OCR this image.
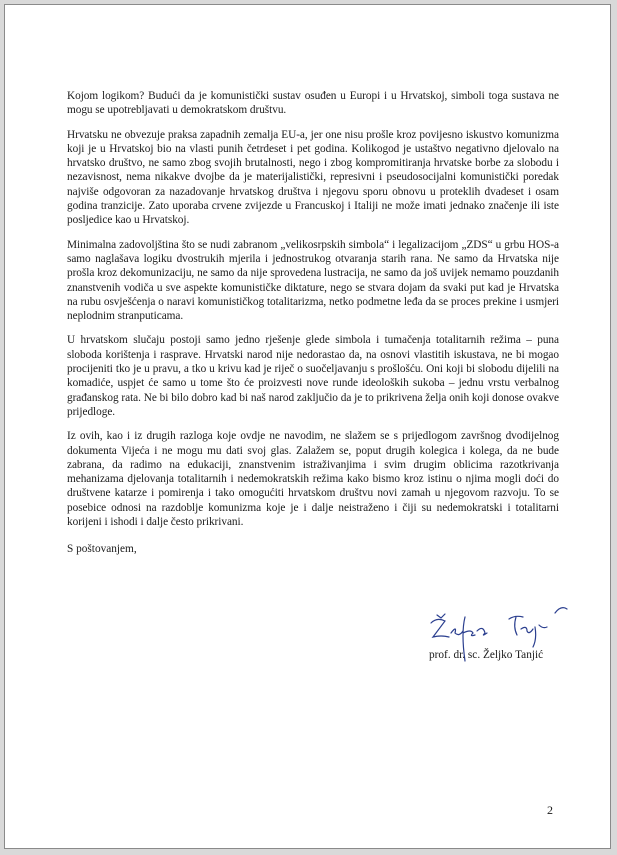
Kojom logikom? Budući da je komunistički sustav osuđen u Europi i u Hrvatskoj, simboli toga sustava ne mogu se upotrebljavati u demokratskom društvu.

Hrvatsku ne obvezuje praksa zapadnih zemalja EU-a, jer one nisu prošle kroz povijesno iskustvo komunizma koji je u Hrvatskoj bio na vlasti punih četrdeset i pet godina. Kolikogod je ustaštvo negativno djelovalo na hrvatsko društvo, ne samo zbog svojih brutalnosti, nego i zbog kompromitiranja hrvatske borbe za slobodu i nezavisnost, nema nikakve dvojbe da je materijalistički, represivni i pseudosocijalni komunistički poredak najviše odgovoran za nazadovanje hrvatskog društva i njegovu sporu obnovu u proteklih dvadeset i osam godina tranzicije. Zato uporaba crvene zvijezde u Francuskoj i Italiji ne može imati jednako značenje ili iste posljedice kao u Hrvatskoj.

Minimalna zadovoljština što se nudi zabranom „velikosrpskih simbola“ i legalizacijom „ZDS“ u grbu HOS-a samo naglašava logiku dvostrukih mjerila i jednostrukog otvaranja starih rana. Ne samo da Hrvatska nije prošla kroz dekomunizaciju, ne samo da nije sprovedena lustracija, ne samo da još uvijek nemamo pouzdanih znanstvenih vodiča u sve aspekte komunističke diktature, nego se stvara dojam da svaki put kad je Hrvatska na rubu osvješćenja o naravi komunističkog totalitarizma, netko podmetne leđa da se proces prekine i usmjeri neplodnim stranputicama.

U hrvatskom slučaju postoji samo jedno rješenje glede simbola i tumačenja totalitarnih režima – puna sloboda korištenja i rasprave. Hrvatski narod nije nedorastao da, na osnovi vlastitih iskustava, ne bi mogao procijeniti tko je u pravu, a tko u krivu kad je riječ o suočeljavanju s prošlošću. Oni koji bi slobodu dijelili na komadiće, uspjet će samo u tome što će proizvesti nove runde ideoloških sukoba – jednu vrstu verbalnog građanskog rata. Ne bi bilo dobro kad bi naš narod zaključio da je to prikrivena želja onih koji donose ovakve prijedloge.

Iz ovih, kao i iz drugih razloga koje ovdje ne navodim, ne slažem se s prijedlogom završnog dvodijelnog dokumenta Vijeća i ne mogu mu dati svoj glas. Zalažem se, poput drugih kolegica i kolega, da ne bude zabrana, da radimo na edukaciji, znanstvenim istraživanjima i svim drugim oblicima razotkrivanja mehanizama djelovanja totalitarnih i nedemokratskih režima kako bismo kroz istinu o njima mogli doći do društvene katarze i pomirenja i tako omogućiti hrvatskom društvu novi zamah u njegovom razvoju. To se posebice odnosi na razdoblje komunizma koje je i dalje neistraženo i čiji su nedemokratski i totalitarni korijeni i ishodi i dalje često prikrivani.

S poštovanjem,
prof. dr. sc. Željko Tanjić
2
